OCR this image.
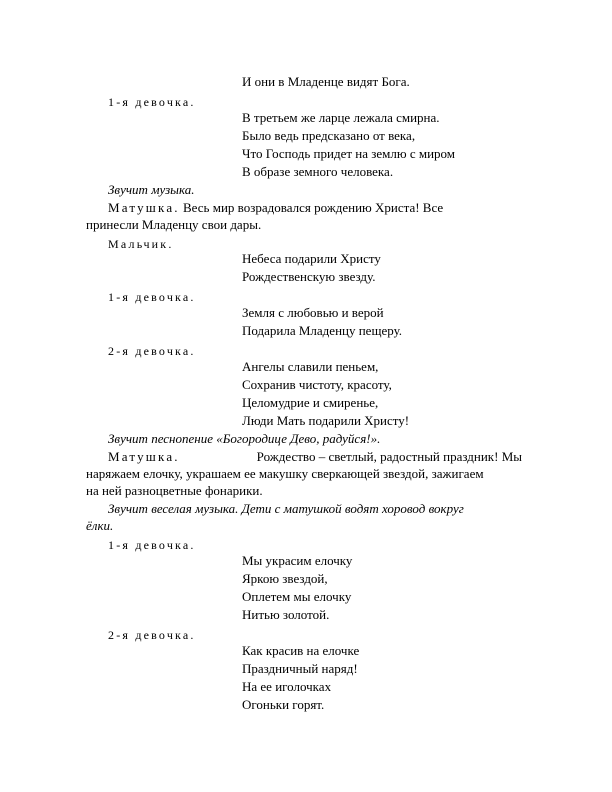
И они в Младенце видят Бога.
1-я девочка.
В третьем же ларце лежала смирна.
Было ведь предсказано от века,
Что Господь придет на землю с миром
В образе земного человека.
Звучит музыка.
Матушка. Весь мир возрадовался рождению Христа! Все
принесли Младенцу свои дары.
Мальчик.
Небеса подарили Христу
Рождественскую звезду.
1-я девочка.
Земля с любовью и верой
Подарила Младенцу пещеру.
2-я девочка.
Ангелы славили пеньем,
Сохранив чистоту, красоту,
Целомудрие и смиренье,
Люди Мать подарили Христу!
Звучит песнопение «Богородице Дево, радуйся!».
Матушка.	Рождество – светлый, радостный праздник! Мы
наряжаем елочку, украшаем ее макушку сверкающей звездой, зажигаем
на ней разноцветные фонарики.
Звучит веселая музыка. Дети с матушкой водят хоровод вокруг
ёлки.
1-я девочка.
Мы украсим елочку
Яркою звездой,
Оплетем мы елочку
Нитью золотой.
2-я девочка.
Как красив на елочке
Праздничный наряд!
На ее иголочках
Огоньки горят.
